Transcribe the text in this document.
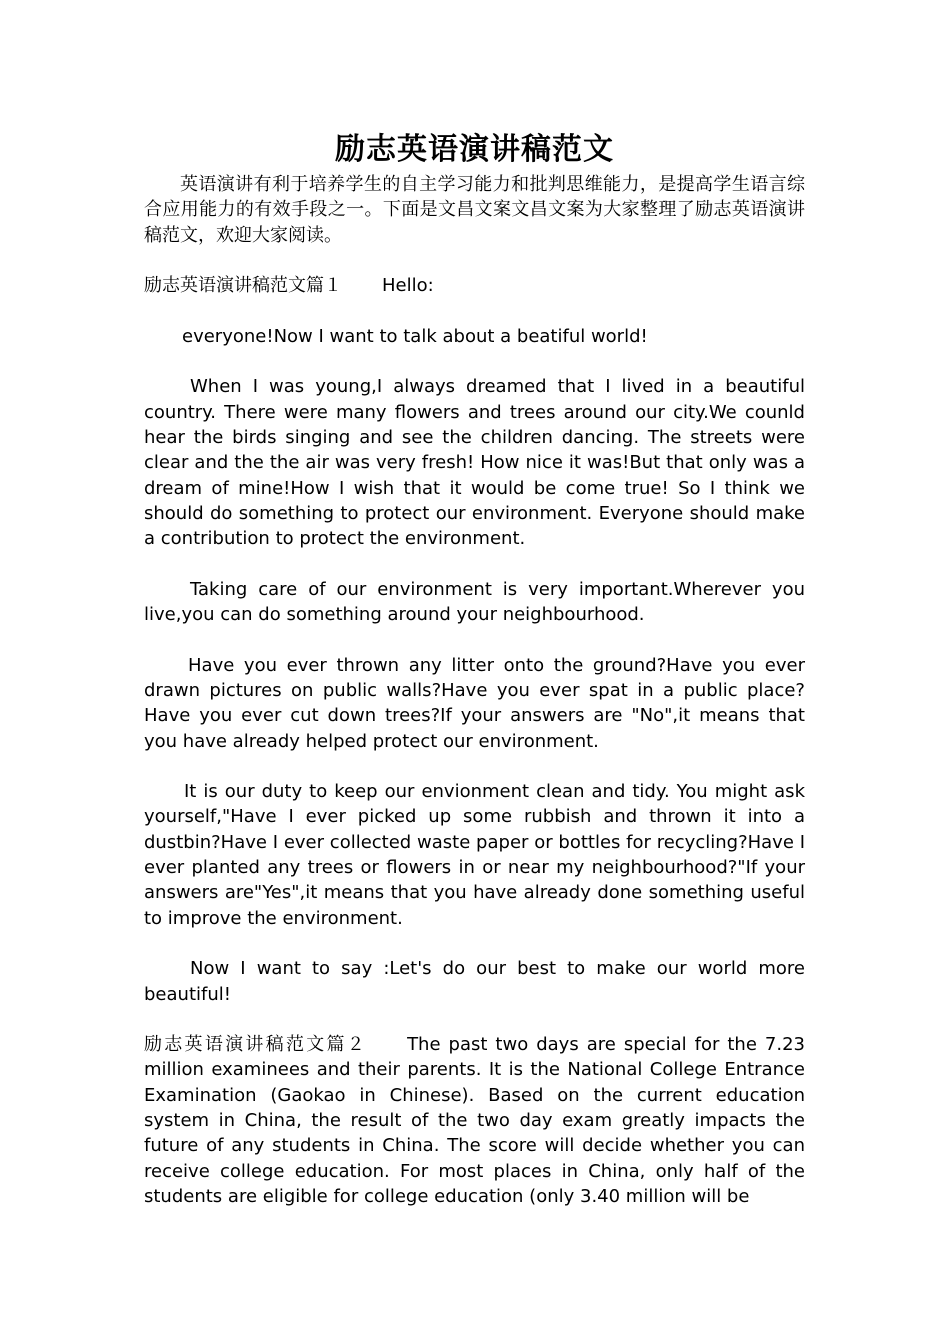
励志英语演讲稿范文

英语演讲有利于培养学生的自主学习能力和批判思维能力，是提高学生语言综合应用能力的有效手段之一。下面是文昌文案文昌文案为大家整理了励志英语演讲稿范文，欢迎大家阅读。

励志英语演讲稿范文篇１ Hello:

everyone!Now I want to talk about a beatiful world!

When I was young,I always dreamed that I lived in a beautiful country. There were many flowers and trees around our city.We counld hear the birds singing and see the children dancing. The streets were clear and the the air was very fresh! How nice it was!But that only was a dream of mine!How I wish that it would be come true! So I think we should do something to protect our environment. Everyone should make a contribution to protect the environment.

Taking care of our environment is very important.Wherever you live,you can do something around your neighbourhood.

Have you ever thrown any litter onto the ground?Have you ever drawn pictures on public walls?Have you ever spat in a public place? Have you ever cut down trees?If your answers are "No",it means that you have already helped protect our environment.

It is our duty to keep our envionment clean and tidy. You might ask yourself,"Have I ever picked up some rubbish and thrown it into a dustbin?Have I ever collected waste paper or bottles for recycling?Have I ever planted any trees or flowers in or near my neighbourhood?"If your answers are"Yes",it means that you have already done something useful to improve the environment.

Now I want to say :Let's do our best to make our world more beautiful!

励志英语演讲稿范文篇２ The past two days are special for the 7.23 million examinees and their parents. It is the National College Entrance Examination (Gaokao in Chinese). Based on the current education system in China, the result of the two day exam greatly impacts the future of any students in China. The score will decide whether you can receive college education. For most places in China, only half of the students are eligible for college education (only 3.40 million will be
